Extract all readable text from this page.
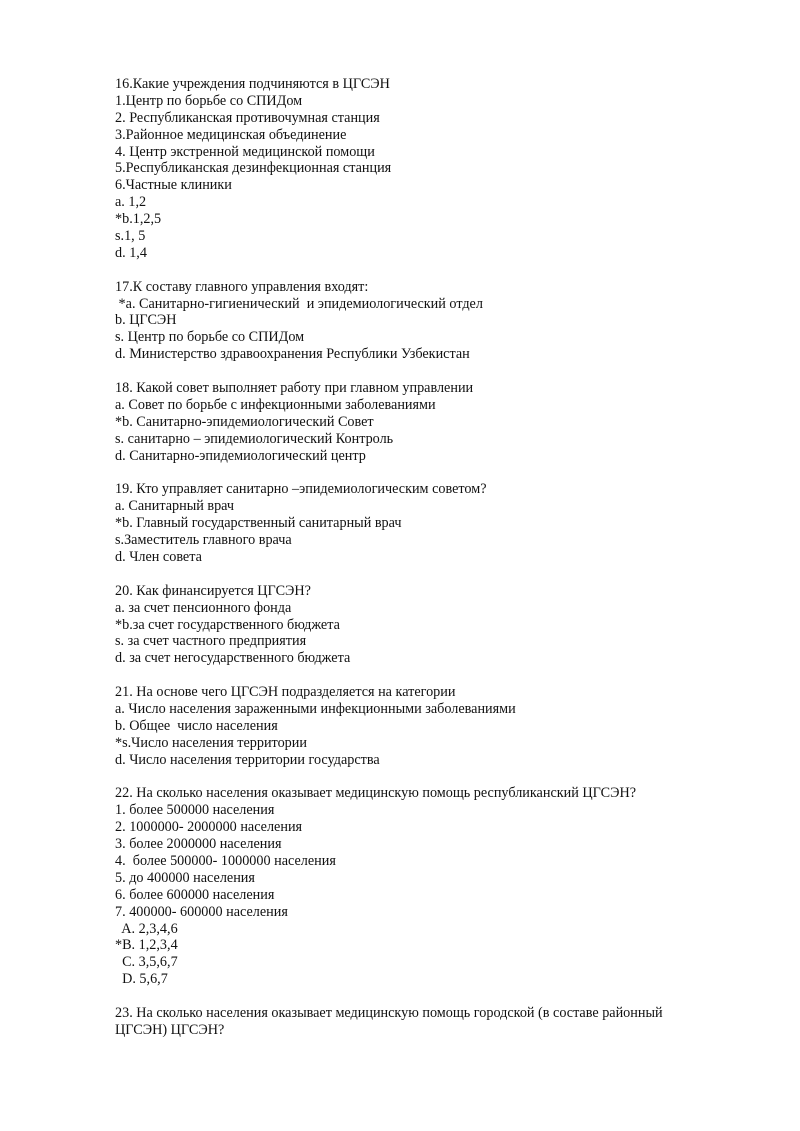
16.Какие учреждения подчиняются в ЦГСЭН
1.Центр по борьбе со СПИДом
2. Республиканская противочумная станция
3.Районное медицинская объединение
4. Центр экстренной медицинской помощи
5.Республиканская дезинфекционная станция
6.Частные клиники
a. 1,2
*b.1,2,5
s.1, 5
d. 1,4
17.К составу главного управления входят:
*a. Санитарно-гигиенический  и эпидемиологический отдел
b. ЦГСЭН
s. Центр по борьбе со СПИДом
d. Министерство здравоохранения Республики Узбекистан
18. Какой совет выполняет работу при главном управлении
a. Совет по борьбе с инфекционными заболеваниями
*b. Санитарно-эпидемиологический Совет
s. санитарно – эпидемиологический Контроль
d. Санитарно-эпидемиологический центр
19. Кто управляет санитарно –эпидемиологическим советом?
a. Санитарный врач
*b. Главный государственный санитарный врач
s.Заместитель главного врача
d. Член совета
20. Как финансируется ЦГСЭН?
a. за счет пенсионного фонда
*b.за счет государственного бюджета
s. за счет частного предприятия
d. за счет негосударственного бюджета
21. На основе чего ЦГСЭН подразделяется на категории
a. Число населения зараженными инфекционными заболеваниями
b. Общее  число населения
*s.Число населения территории
d. Число населения территории государства
22. На сколько населения оказывает медицинскую помощь республиканский ЦГСЭН?
1. более 500000 населения
2. 1000000- 2000000 населения
3. более 2000000 населения
4.  более 500000- 1000000 населения
5. до 400000 населения
6. более 600000 населения
7. 400000- 600000 населения
A. 2,3,4,6
*B. 1,2,3,4
C. 3,5,6,7
D. 5,6,7
23. На сколько населения оказывает медицинскую помощь городской (в составе районный ЦГСЭН) ЦГСЭН?
